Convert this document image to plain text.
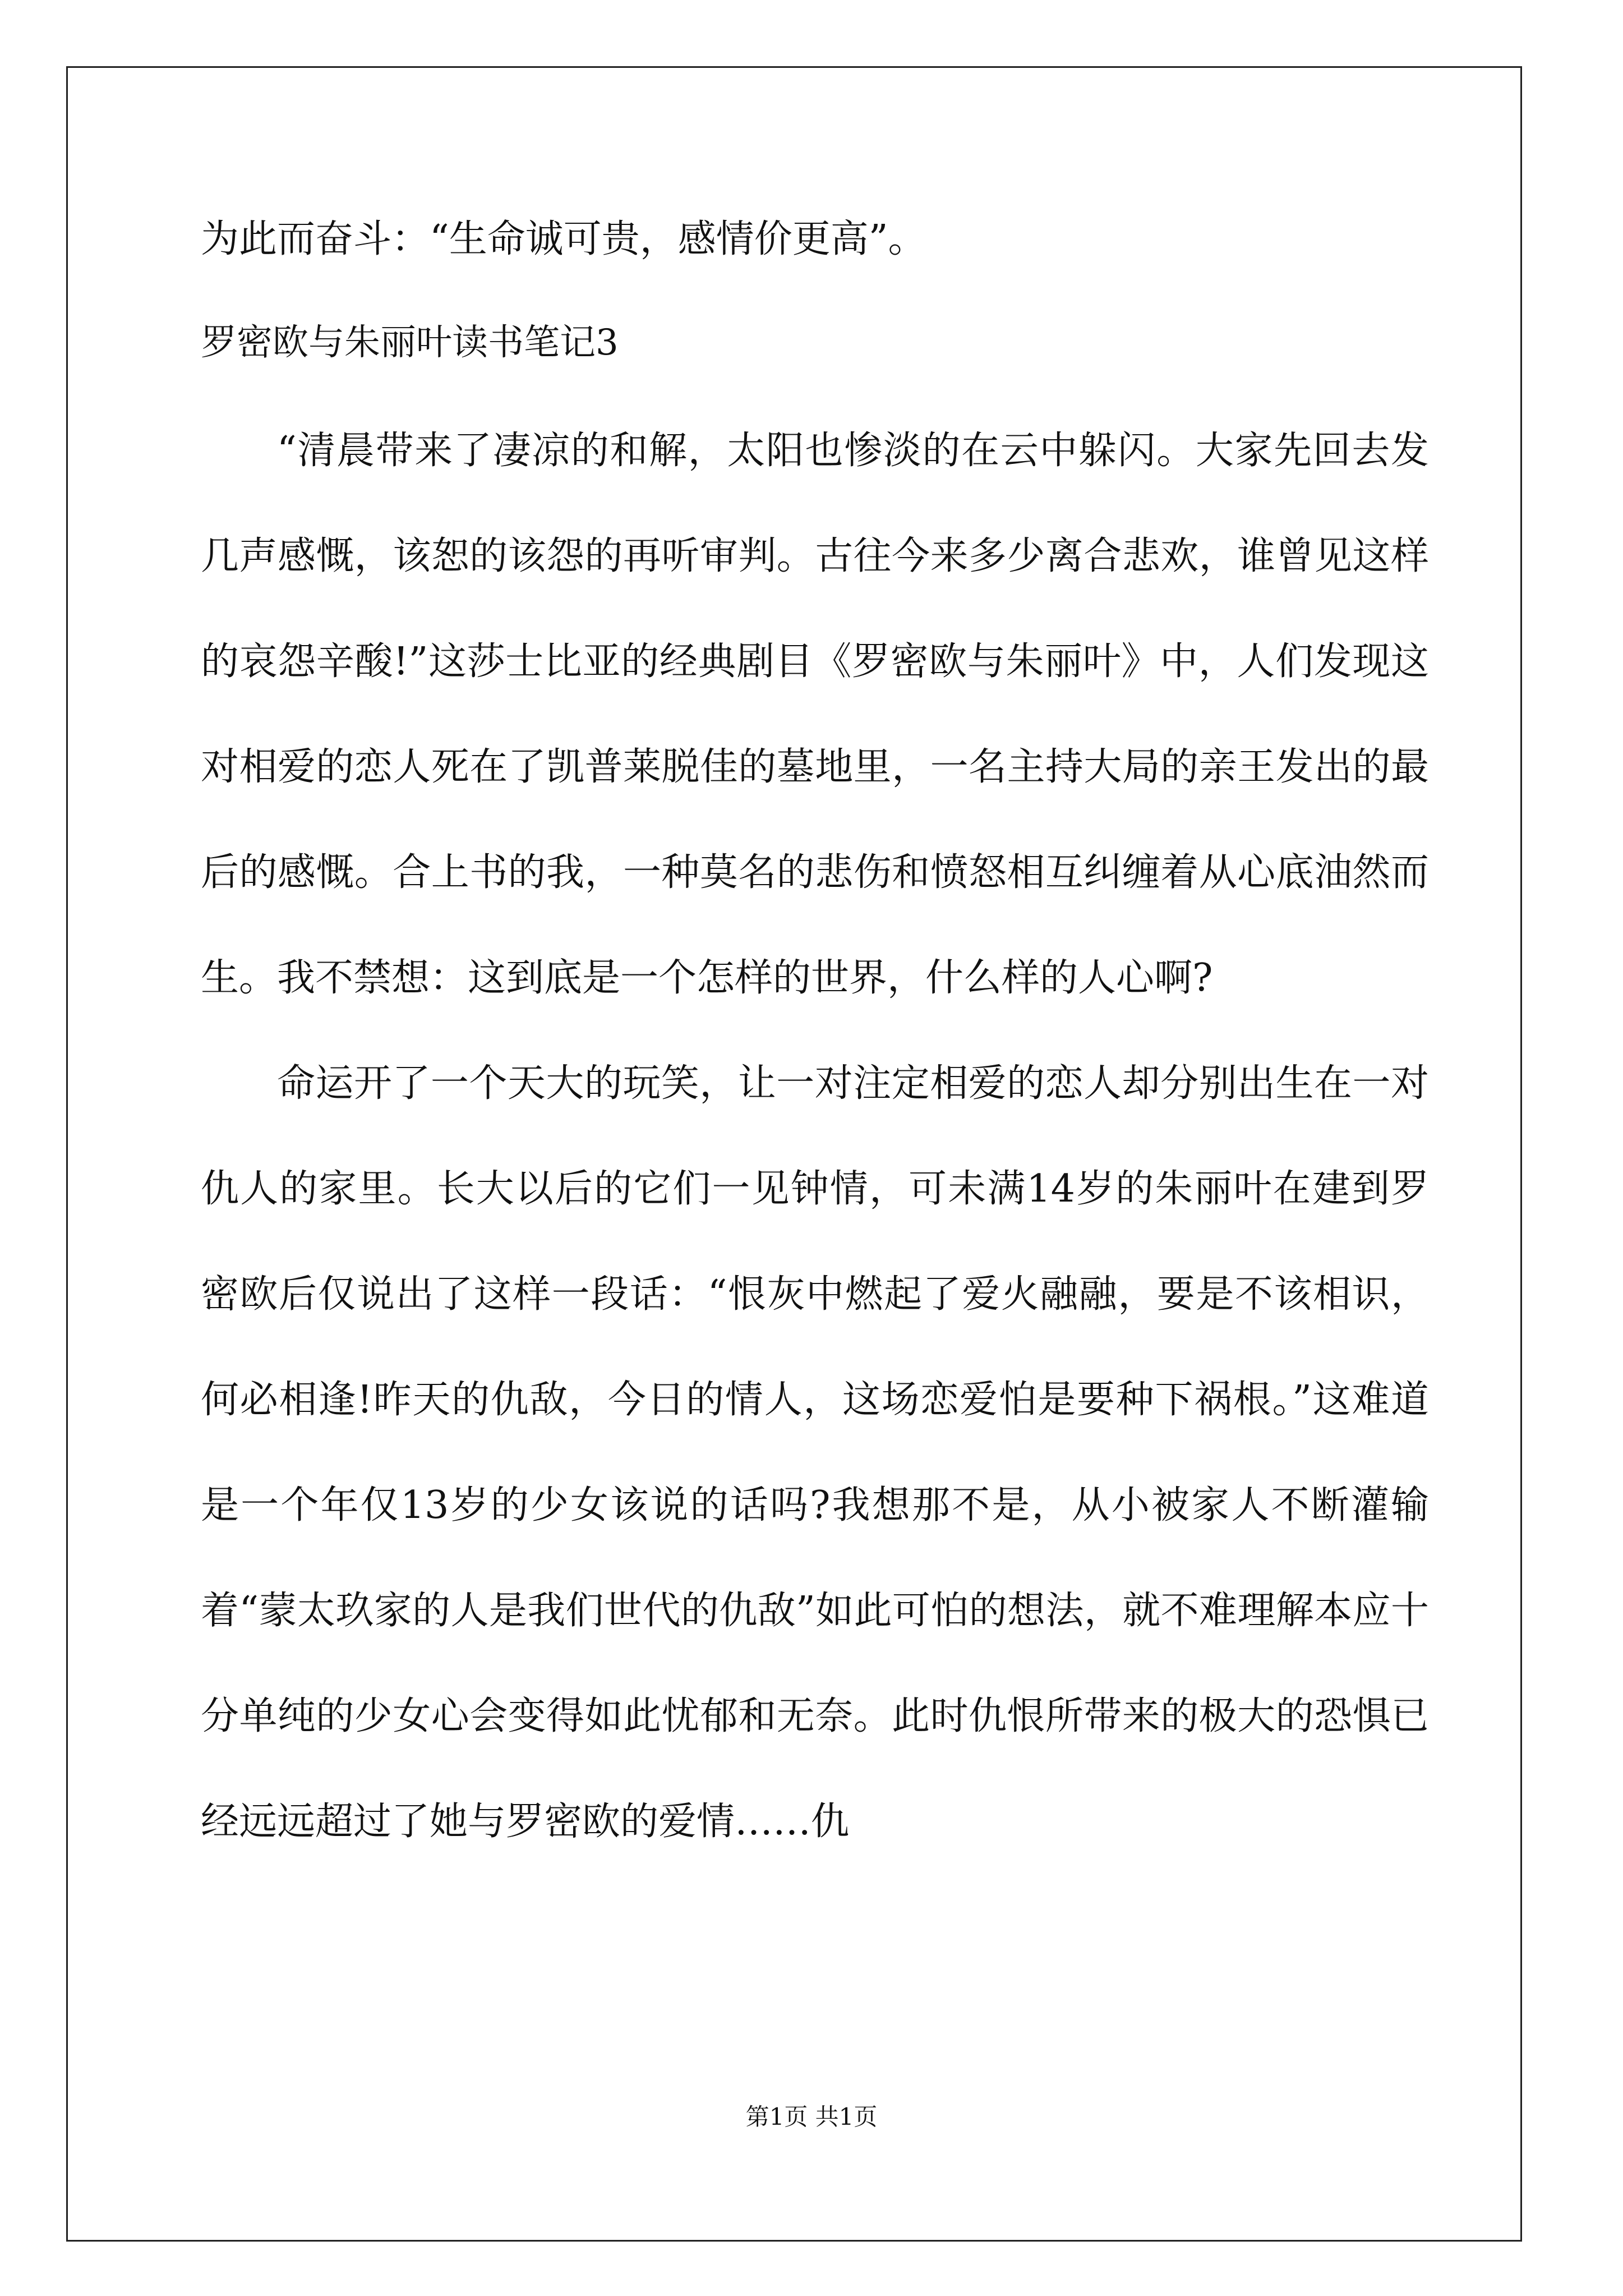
为此而奋斗：“生命诚可贵，感情价更高”。

罗密欧与朱丽叶读书笔记3

“清晨带来了凄凉的和解，太阳也惨淡的在云中躲闪。大家先回去发几声感慨，该恕的该怨的再听审判。古往今来多少离合悲欢，谁曾见这样的哀怨辛酸!”这莎士比亚的经典剧目《罗密欧与朱丽叶》中，人们发现这对相爱的恋人死在了凯普莱脱佳的墓地里，一名主持大局的亲王发出的最后的感慨。合上书的我，一种莫名的悲伤和愤怒相互纠缠着从心底油然而生。我不禁想：这到底是一个怎样的世界，什么样的人心啊?

命运开了一个天大的玩笑，让一对注定相爱的恋人却分别出生在一对仇人的家里。长大以后的它们一见钟情，可未满14岁的朱丽叶在建到罗密欧后仅说出了这样一段话：“恨灰中燃起了爱火融融，要是不该相识，何必相逢!昨天的仇敌，今日的情人，这场恋爱怕是要种下祸根。”这难道是一个年仅13岁的少女该说的话吗?我想那不是，从小被家人不断灌输着“蒙太玖家的人是我们世代的仇敌”如此可怕的想法，就不难理解本应十分单纯的少女心会变得如此忧郁和无奈。此时仇恨所带来的极大的恐惧已经远远超过了她与罗密欧的爱情……仇

第1页 共1页
